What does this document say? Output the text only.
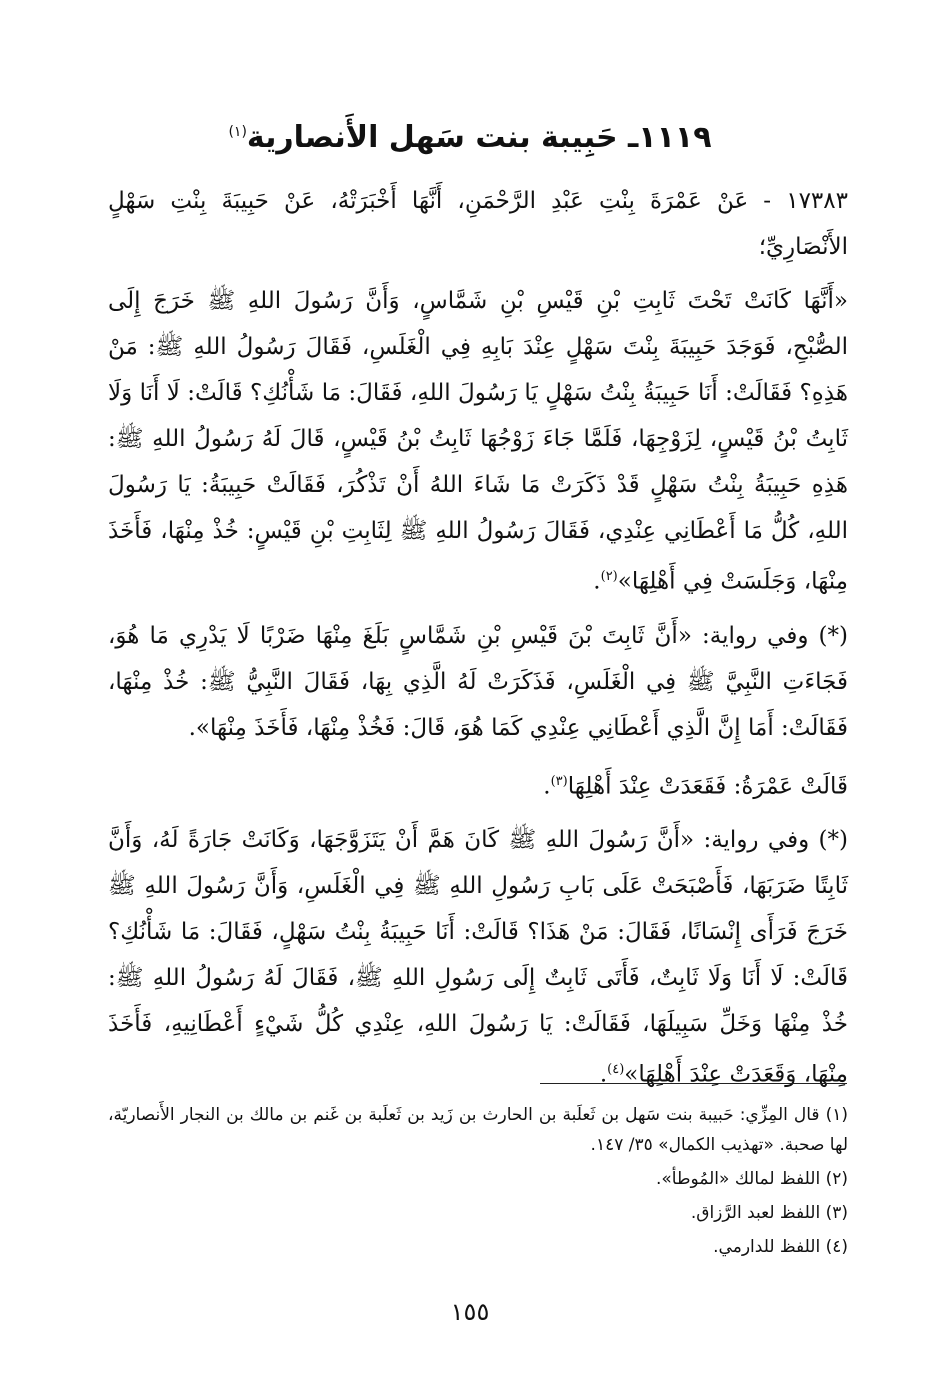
١١١٩ـ حَبِيبة بنت سَهل الأَنصارية$^{(١)}$

١٧٣٨٣ - عَنْ عَمْرَةَ بِنْتِ عَبْدِ الرَّحْمَنِ، أَنَّهَا أَخْبَرَتْهُ، عَنْ حَبِيبَةَ بِنْتِ سَهْلٍ الأَنْصَارِيِّ؛

«أَنَّهَا كَانَتْ تَحْتَ ثَابِتِ بْنِ قَيْسِ بْنِ شَمَّاسٍ، وَأَنَّ رَسُولَ اللهِ ﷺ خَرَجَ إِلَى الصُّبْحِ، فَوَجَدَ حَبِيبَةَ بِنْتَ سَهْلٍ عِنْدَ بَابِهِ فِي الْغَلَسِ، فَقَالَ رَسُولُ اللهِ ﷺ: مَنْ هَذِهِ؟ فَقَالَتْ: أَنَا حَبِيبَةُ بِنْتُ سَهْلٍ يَا رَسُولَ اللهِ، فَقَالَ: مَا شَأْنُكِ؟ قَالَتْ: لَا أَنَا وَلَا ثَابِتُ بْنُ قَيْسٍ، لِزَوْجِهَا، فَلَمَّا جَاءَ زَوْجُهَا ثَابِتُ بْنُ قَيْسٍ، قَالَ لَهُ رَسُولُ اللهِ ﷺ: هَذِهِ حَبِيبَةُ بِنْتُ سَهْلٍ قَدْ ذَكَرَتْ مَا شَاءَ اللهُ أَنْ تَذْكُرَ، فَقَالَتْ حَبِيبَةُ: يَا رَسُولَ اللهِ، كُلُّ مَا أَعْطَانِي عِنْدِي، فَقَالَ رَسُولُ اللهِ ﷺ لِثَابِتِ بْنِ قَيْسٍ: خُذْ مِنْهَا، فَأَخَذَ مِنْهَا، وَجَلَسَتْ فِي أَهْلِهَا»$^{(٢)}$.

(*) وفي رواية: «أَنَّ ثَابِتَ بْنَ قَيْسِ بْنِ شَمَّاسٍ بَلَغَ مِنْهَا ضَرْبًا لَا يَدْرِي مَا هُوَ، فَجَاءَتِ النَّبِيَّ ﷺ فِي الْغَلَسِ، فَذَكَرَتْ لَهُ الَّذِي بِهَا، فَقَالَ النَّبِيُّ ﷺ: خُذْ مِنْهَا، فَقَالَتْ: أَمَا إِنَّ الَّذِي أَعْطَانِي عِنْدِي كَمَا هُوَ، قَالَ: فَخُذْ مِنْهَا، فَأَخَذَ مِنْهَا».

قَالَتْ عَمْرَةُ: فَقَعَدَتْ عِنْدَ أَهْلِهَا$^{(٣)}$.

(*) وفي رواية: «أَنَّ رَسُولَ اللهِ ﷺ كَانَ هَمَّ أَنْ يَتَزَوَّجَهَا، وَكَانَتْ جَارَةً لَهُ، وَأَنَّ ثَابِتًا ضَرَبَهَا، فَأَصْبَحَتْ عَلَى بَابِ رَسُولِ اللهِ ﷺ فِي الْغَلَسِ، وَأَنَّ رَسُولَ اللهِ ﷺ خَرَجَ فَرَأَى إِنْسَانًا، فَقَالَ: مَنْ هَذَا؟ قَالَتْ: أَنَا حَبِيبَةُ بِنْتُ سَهْلٍ، فَقَالَ: مَا شَأْنُكِ؟ قَالَتْ: لَا أَنَا وَلَا ثَابِتٌ، فَأَتَى ثَابِتٌ إِلَى رَسُولِ اللهِ ﷺ، فَقَالَ لَهُ رَسُولُ اللهِ ﷺ: خُذْ مِنْهَا وَخَلِّ سَبِيلَهَا، فَقَالَتْ: يَا رَسُولَ اللهِ، عِنْدِي كُلُّ شَيْءٍ أَعْطَانِيهِ، فَأَخَذَ مِنْهَا، وَقَعَدَتْ عِنْدَ أَهْلِهَا»$^{(٤)}$.

(١) قال المِزِّي: حَبيبة بنت سَهل بن ثَعلَبة بن الحارث بن زَيد بن ثَعلَبة بن غَنم بن مالك بن النجار الأَنصاريّة، لها صحبة. «تهذيب الكمال» ٣٥/ ١٤٧.

(٢) اللفظ لمالك «المُوطأ».

(٣) اللفظ لعبد الرَّزاق.

(٤) اللفظ للدارمي.

١٥٥
